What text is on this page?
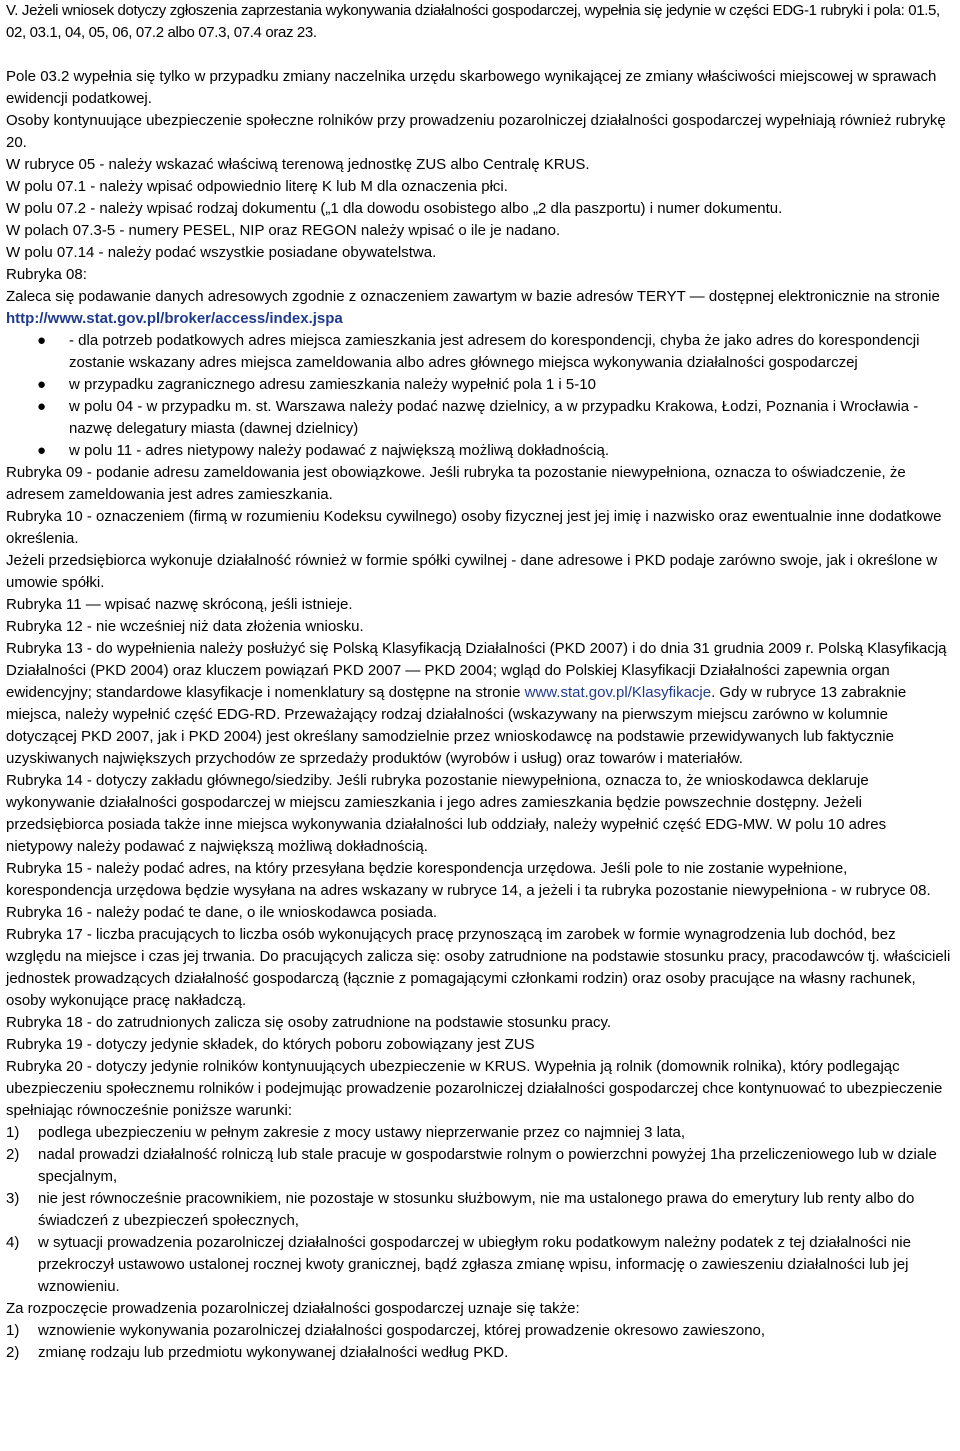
V. Jeżeli wniosek dotyczy zgłoszenia zaprzestania wykonywania działalności gospodarczej, wypełnia się jedynie w części EDG-1 rubryki i pola: 01.5, 02, 03.1, 04, 05, 06, 07.2 albo 07.3, 07.4 oraz 23.

Pole 03.2 wypełnia się tylko w przypadku zmiany naczelnika urzędu skarbowego wynikającej ze zmiany właściwości miejscowej w sprawach ewidencji podatkowej.

Osoby kontynuujące ubezpieczenie społeczne rolników przy prowadzeniu pozarolniczej działalności gospodarczej wypełniają również rubrykę 20.

W rubryce 05 - należy wskazać właściwą terenową jednostkę ZUS albo Centralę KRUS.

W polu 07.1 - należy wpisać odpowiednio literę K lub M dla oznaczenia płci.

W polu 07.2 - należy wpisać rodzaj dokumentu („1 dla dowodu osobistego albo „2 dla paszportu) i numer dokumentu.

W polach 07.3-5 - numery PESEL, NIP oraz REGON należy wpisać o ile je nadano.

W polu 07.14 - należy podać wszystkie posiadane obywatelstwa.

Rubryka 08:

Zaleca się podawanie danych adresowych zgodnie z oznaczeniem zawartym w bazie adresów TERYT — dostępnej elektronicznie na stronie http://www.stat.gov.pl/broker/access/index.jspa

● - dla potrzeb podatkowych adres miejsca zamieszkania jest adresem do korespondencji, chyba że jako adres do korespondencji zostanie wskazany adres miejsca zameldowania albo adres głównego miejsca wykonywania działalności gospodarczej
● w przypadku zagranicznego adresu zamieszkania należy wypełnić pola 1 i 5-10
● w polu 04 - w przypadku m. st. Warszawa należy podać nazwę dzielnicy, a w przypadku Krakowa, Łodzi, Poznania i Wrocławia - nazwę delegatury miasta (dawnej dzielnicy)
● w polu 11 - adres nietypowy należy podawać z największą możliwą dokładnością.

Rubryka 09 - podanie adresu zameldowania jest obowiązkowe. Jeśli rubryka ta pozostanie niewypełniona, oznacza to oświadczenie, że adresem zameldowania jest adres zamieszkania.

Rubryka 10 - oznaczeniem (firmą w rozumieniu Kodeksu cywilnego) osoby fizycznej jest jej imię i nazwisko oraz ewentualnie inne dodatkowe określenia.

Jeżeli przedsiębiorca wykonuje działalność również w formie spółki cywilnej - dane adresowe i PKD podaje zarówno swoje, jak i określone w umowie spółki.

Rubryka 11 — wpisać nazwę skróconą, jeśli istnieje.

Rubryka 12 - nie wcześniej niż data złożenia wniosku.

Rubryka 13 - do wypełnienia należy posłużyć się Polską Klasyfikacją Działalności (PKD 2007) i do dnia 31 grudnia 2009 r. Polską Klasyfikacją Działalności (PKD 2004) oraz kluczem powiązań PKD 2007 — PKD 2004; wgląd do Polskiej Klasyfikacji Działalności zapewnia organ ewidencyjny; standardowe klasyfikacje i nomenklatury są dostępne na stronie www.stat.gov.pl/Klasyfikacje. Gdy w rubryce 13 zabraknie miejsca, należy wypełnić część EDG-RD. Przeważający rodzaj działalności (wskazywany na pierwszym miejscu zarówno w kolumnie dotyczącej PKD 2007, jak i PKD 2004) jest określany samodzielnie przez wnioskodawcę na podstawie przewidywanych lub faktycznie uzyskiwanych największych przychodów ze sprzedaży produktów (wyrobów i usług) oraz towarów i materiałów.

Rubryka 14 - dotyczy zakładu głównego/siedziby. Jeśli rubryka pozostanie niewypełniona, oznacza to, że wnioskodawca deklaruje wykonywanie działalności gospodarczej w miejscu zamieszkania i jego adres zamieszkania będzie powszechnie dostępny. Jeżeli przedsiębiorca posiada także inne miejsca wykonywania działalności lub oddziały, należy wypełnić część EDG-MW. W polu 10 adres nietypowy należy podawać z największą możliwą dokładnością.

Rubryka 15 - należy podać adres, na który przesyłana będzie korespondencja urzędowa. Jeśli pole to nie zostanie wypełnione, korespondencja urzędowa będzie wysyłana na adres wskazany w rubryce 14, a jeżeli i ta rubryka pozostanie niewypełniona - w rubryce 08.

Rubryka 16 - należy podać te dane, o ile wnioskodawca posiada.

Rubryka 17 - liczba pracujących to liczba osób wykonujących pracę przynoszącą im zarobek w formie wynagrodzenia lub dochód, bez względu na miejsce i czas jej trwania. Do pracujących zalicza się: osoby zatrudnione na podstawie stosunku pracy, pracodawców tj. właścicieli jednostek prowadzących działalność gospodarczą (łącznie z pomagającymi członkami rodzin) oraz osoby pracujące na własny rachunek, osoby wykonujące pracę nakładczą.

Rubryka 18 - do zatrudnionych zalicza się osoby zatrudnione na podstawie stosunku pracy.

Rubryka 19 - dotyczy jedynie składek, do których poboru zobowiązany jest ZUS

Rubryka 20 - dotyczy jedynie rolników kontynuujących ubezpieczenie w KRUS. Wypełnia ją rolnik (domownik rolnika), który podlegając ubezpieczeniu społecznemu rolników i podejmując prowadzenie pozarolniczej działalności gospodarczej chce kontynuować to ubezpieczenie spełniając równocześnie poniższe warunki:

1) podlega ubezpieczeniu w pełnym zakresie z mocy ustawy nieprzerwanie przez co najmniej 3 lata,
2) nadal prowadzi działalność rolniczą lub stale pracuje w gospodarstwie rolnym o powierzchni powyżej 1ha przeliczeniowego lub w dziale specjalnym,
3) nie jest równocześnie pracownikiem, nie pozostaje w stosunku służbowym, nie ma ustalonego prawa do emerytury lub renty albo do świadczeń z ubezpieczeń społecznych,
4) w sytuacji prowadzenia pozarolniczej działalności gospodarczej w ubiegłym roku podatkowym należny podatek z tej działalności nie przekroczył ustawowo ustalonej rocznej kwoty granicznej, bądź zgłasza zmianę wpisu, informację o zawieszeniu działalności lub jej wznowieniu.

Za rozpoczęcie prowadzenia pozarolniczej działalności gospodarczej uznaje się także:

1) wznowienie wykonywania pozarolniczej działalności gospodarczej, której prowadzenie okresowo zawieszono,
2) zmianę rodzaju lub przedmiotu wykonywanej działalności według PKD.
